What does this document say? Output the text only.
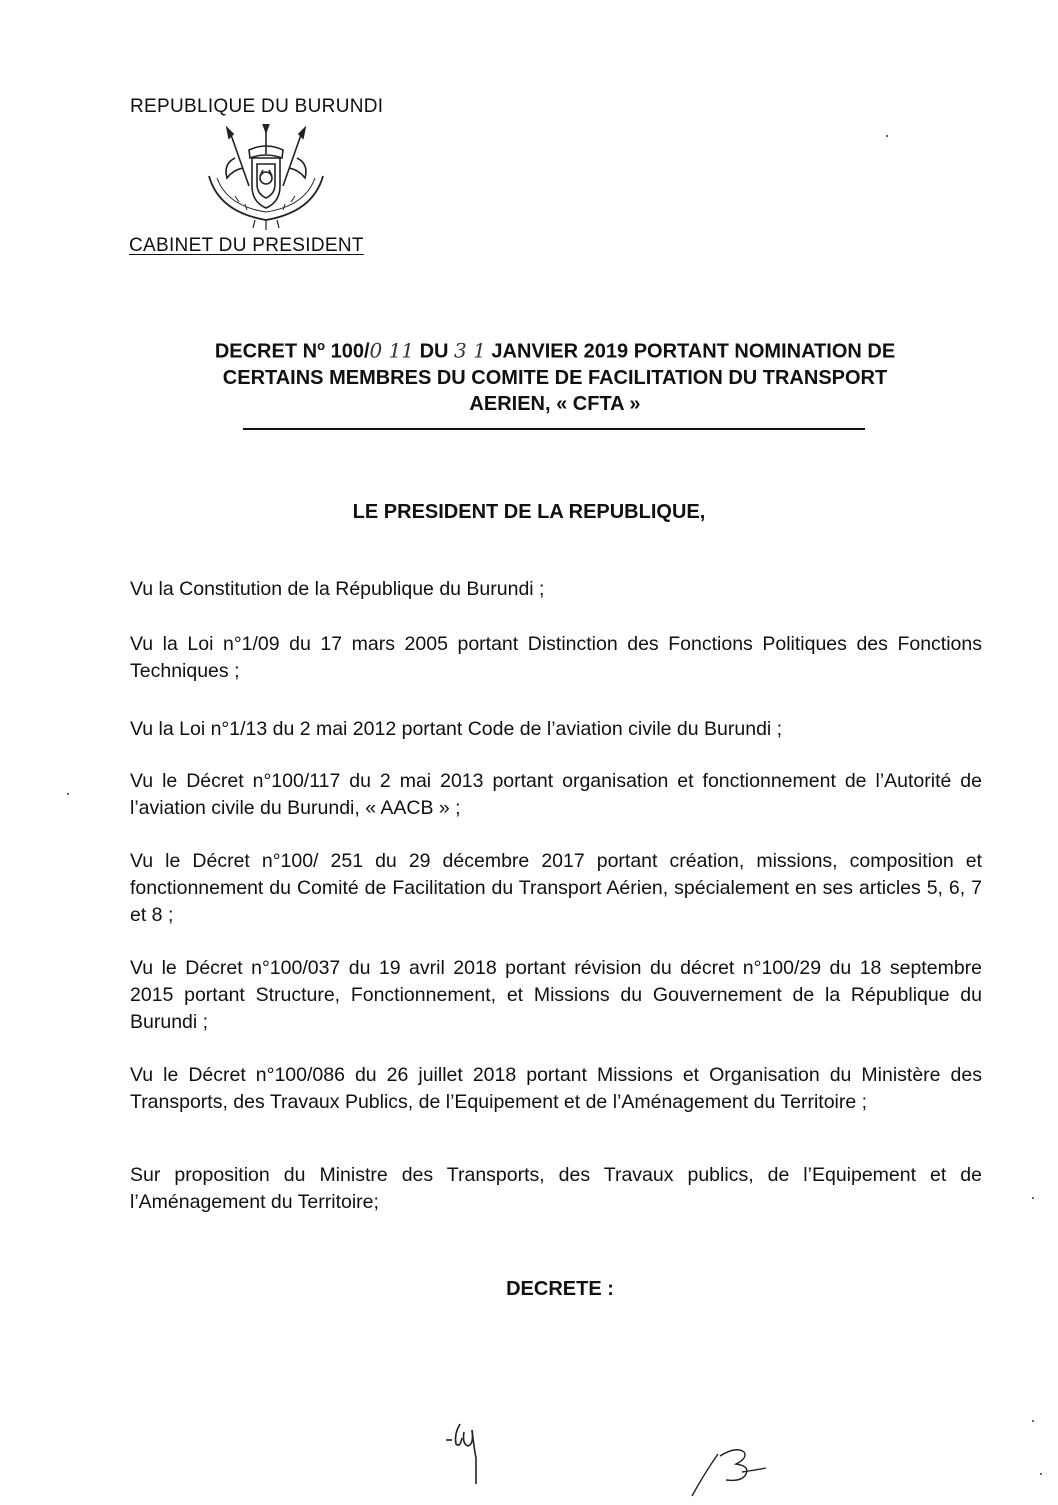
REPUBLIQUE DU BURUNDI
CABINET DU PRESIDENT
DECRET $N^o$ 100/0 11 DU 3 1 JANVIER 2019 PORTANT NOMINATION DE
CERTAINS MEMBRES DU COMITE DE FACILITATION DU TRANSPORT
AERIEN, « CFTA »
LE PRESIDENT DE LA REPUBLIQUE,
Vu la Constitution de la République du Burundi ;
Vu la Loi n°1/09 du 17 mars 2005 portant Distinction des Fonctions Politiques des Fonctions Techniques ;
Vu la Loi n°1/13 du 2 mai 2012 portant Code de l’aviation civile du Burundi ;
Vu le Décret n°100/117 du 2 mai 2013 portant organisation et fonctionnement de l’Autorité de l’aviation civile du Burundi, « AACB » ;
Vu le Décret n°100/ 251 du 29 décembre 2017 portant création, missions, composition et fonctionnement du Comité de Facilitation du Transport Aérien, spécialement en ses articles 5, 6, 7 et 8 ;
Vu le Décret n°100/037 du 19 avril 2018 portant révision du décret n°100/29 du 18 septembre 2015 portant Structure, Fonctionnement, et Missions du Gouvernement de la République du Burundi ;
Vu le Décret n°100/086 du 26 juillet 2018 portant Missions et Organisation du Ministère des Transports, des Travaux Publics, de l’Equipement et de l’Aménagement du Territoire ;
Sur proposition du Ministre des Transports, des Travaux publics, de l’Equipement et de l’Aménagement du Territoire;
DECRETE :
